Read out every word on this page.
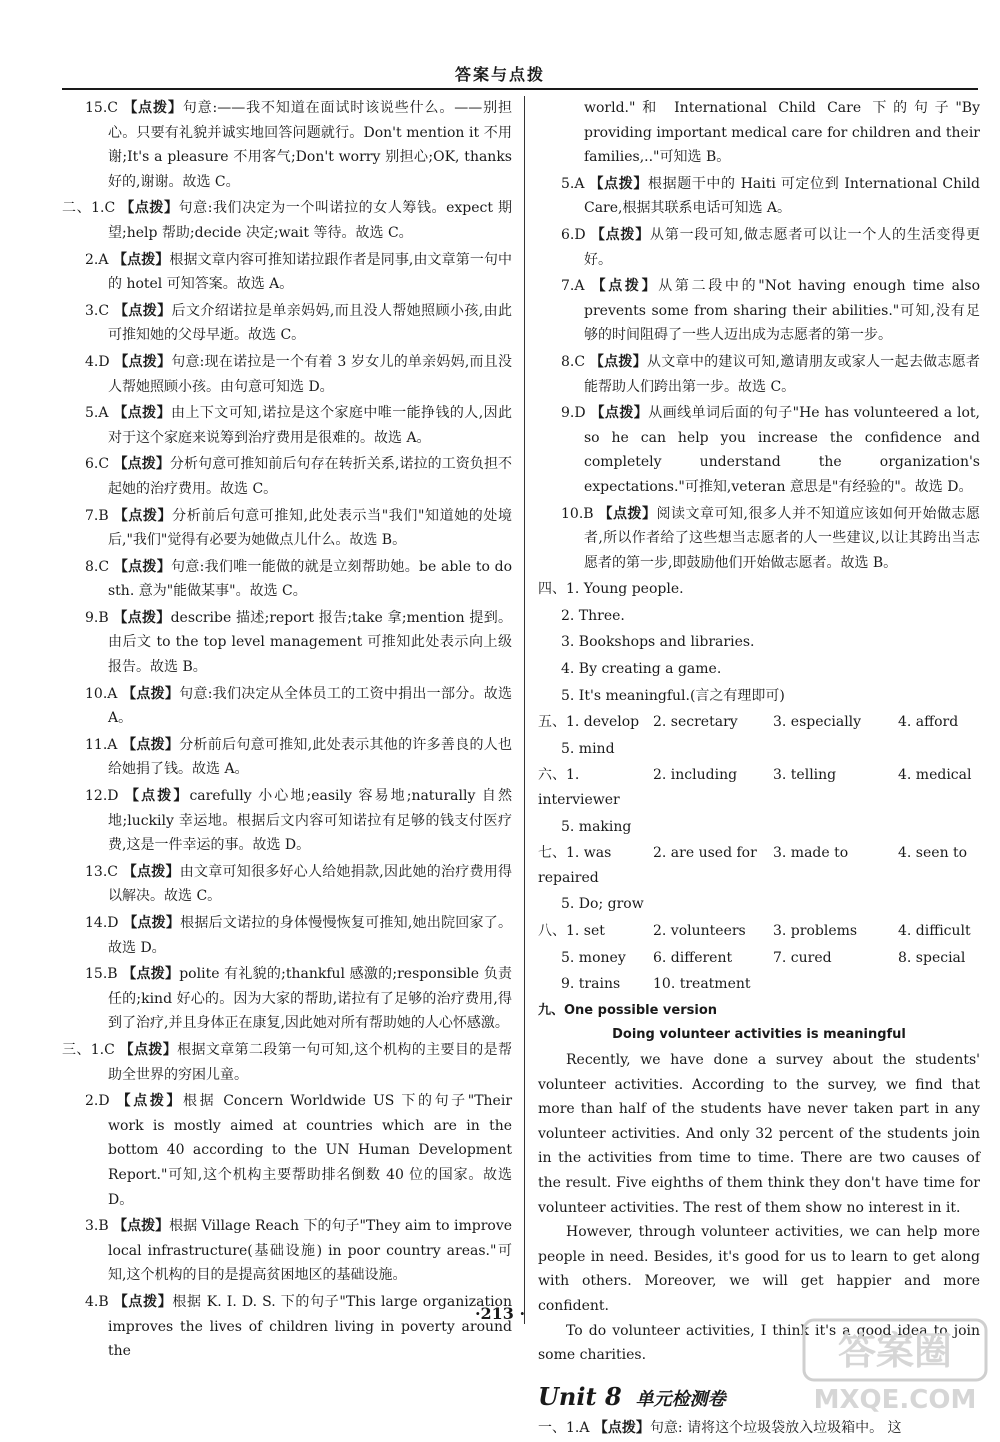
答案与点拨
15.C 【点拨】句意:——我不知道在面试时该说些什么。——别担心。只要有礼貌并诚实地回答问题就行。Don't mention it 不用谢;It's a pleasure 不用客气;Don't worry 别担心;OK, thanks 好的,谢谢。故选 C。
二、1.C 【点拨】句意:我们决定为一个叫诺拉的女人筹钱。expect 期望;help 帮助;decide 决定;wait 等待。故选 C。
2.A 【点拨】根据文章内容可推知诺拉跟作者是同事,由文章第一句中的 hotel 可知答案。故选 A。
3.C 【点拨】后文介绍诺拉是单亲妈妈,而且没人帮她照顾小孩,由此可推知她的父母早逝。故选 C。
4.D 【点拨】句意:现在诺拉是一个有着 3 岁女儿的单亲妈妈,而且没人帮她照顾小孩。由句意可知选 D。
5.A 【点拨】由上下文可知,诺拉是这个家庭中唯一能挣钱的人,因此对于这个家庭来说筹到治疗费用是很难的。故选 A。
6.C 【点拨】分析句意可推知前后句存在转折关系,诺拉的工资负担不起她的治疗费用。故选 C。
7.B 【点拨】分析前后句意可推知,此处表示当"我们"知道她的处境后,"我们"觉得有必要为她做点儿什么。故选 B。
8.C 【点拨】句意:我们唯一能做的就是立刻帮助她。be able to do sth. 意为"能做某事"。故选 C。
9.B 【点拨】describe 描述;report 报告;take 拿;mention 提到。由后文 to the top level management 可推知此处表示向上级报告。故选 B。
10.A 【点拨】句意:我们决定从全体员工的工资中捐出一部分。故选 A。
11.A 【点拨】分析前后句意可推知,此处表示其他的许多善良的人也给她捐了钱。故选 A。
12.D 【点拨】carefully 小心地;easily 容易地;naturally 自然地;luckily 幸运地。根据后文内容可知诺拉有足够的钱支付医疗费,这是一件幸运的事。故选 D。
13.C 【点拨】由文章可知很多好心人给她捐款,因此她的治疗费用得以解决。故选 C。
14.D 【点拨】根据后文诺拉的身体慢慢恢复可推知,她出院回家了。故选 D。
15.B 【点拨】polite 有礼貌的;thankful 感激的;responsible 负责任的;kind 好心的。因为大家的帮助,诺拉有了足够的治疗费用,得到了治疗,并且身体正在康复,因此她对所有帮助她的人心怀感激。
三、1.C 【点拨】根据文章第二段第一句可知,这个机构的主要目的是帮助全世界的穷困儿童。
2.D 【点拨】根据 Concern Worldwide US 下的句子"Their work is mostly aimed at countries which are in the bottom 40 according to the UN Human Development Report."可知,这个机构主要帮助排名倒数 40 位的国家。故选 D。
3.B 【点拨】根据 Village Reach 下的句子"They aim to improve local infrastructure(基础设施) in poor country areas."可知,这个机构的目的是提高贫困地区的基础设施。
4.B 【点拨】根据 K. I. D. S. 下的句子"This large organization improves the lives of children living in poverty around the
world."和 International Child Care 下的句子"By providing important medical care for children and their families,.."可知选 B。
5.A 【点拨】根据题干中的 Haiti 可定位到 International Child Care,根据其联系电话可知选 A。
6.D 【点拨】从第一段可知,做志愿者可以让一个人的生活变得更好。
7.A 【点拨】从第二段中的"Not having enough time also prevents some from sharing their abilities."可知,没有足够的时间阻碍了一些人迈出成为志愿者的第一步。
8.C 【点拨】从文章中的建议可知,邀请朋友或家人一起去做志愿者能帮助人们跨出第一步。故选 C。
9.D 【点拨】从画线单词后面的句子"He has volunteered a lot, so he can help you increase the confidence and completely understand the organization's expectations."可推知,veteran 意思是"有经验的"。故选 D。
10.B 【点拨】阅读文章可知,很多人并不知道应该如何开始做志愿者,所以作者给了这些想当志愿者的人一些建议,以让其跨出当志愿者的第一步,即鼓励他们开始做志愿者。故选 B。
四、1. Young people.
2. Three.
3. Bookshops and libraries.
4. By creating a game.
5. It's meaningful.(言之有理即可)
五、1. develop 2. secretary	3. especially	4. afford
5. mind
六、1. interviewer
2. including	3. telling	4. medical
5. making
七、1. was repaired
2. are used for	3. made to	4. seen to
5. Do; grow
八、1. set	2. volunteers	3. problems	4. difficult
5. money	6. different	7. cured	8. special
9. trains	10. treatment
九、One possible version
Doing volunteer activities is meaningful

Recently, we have done a survey about the students' volunteer activities. According to the survey, we find that more than half of the students have never taken part in any volunteer activities. And only 32 percent of the students join in the activities from time to time. There are two causes of the result. Five eighths of them think they don't have time for volunteer activities. The rest of them show no interest in it.

However, through volunteer activities, we can help more people in need. Besides, it's good for us to learn to get along with others. Moreover, we will get happier and more confident.

To do volunteer activities, I think it's a good idea to join some charities.

Unit 8 单元检测卷
一、1.A 【点拨】句意: 请将这个垃圾袋放入垃圾箱中。 这
·213 ·
答案圈
MXQE.COM
